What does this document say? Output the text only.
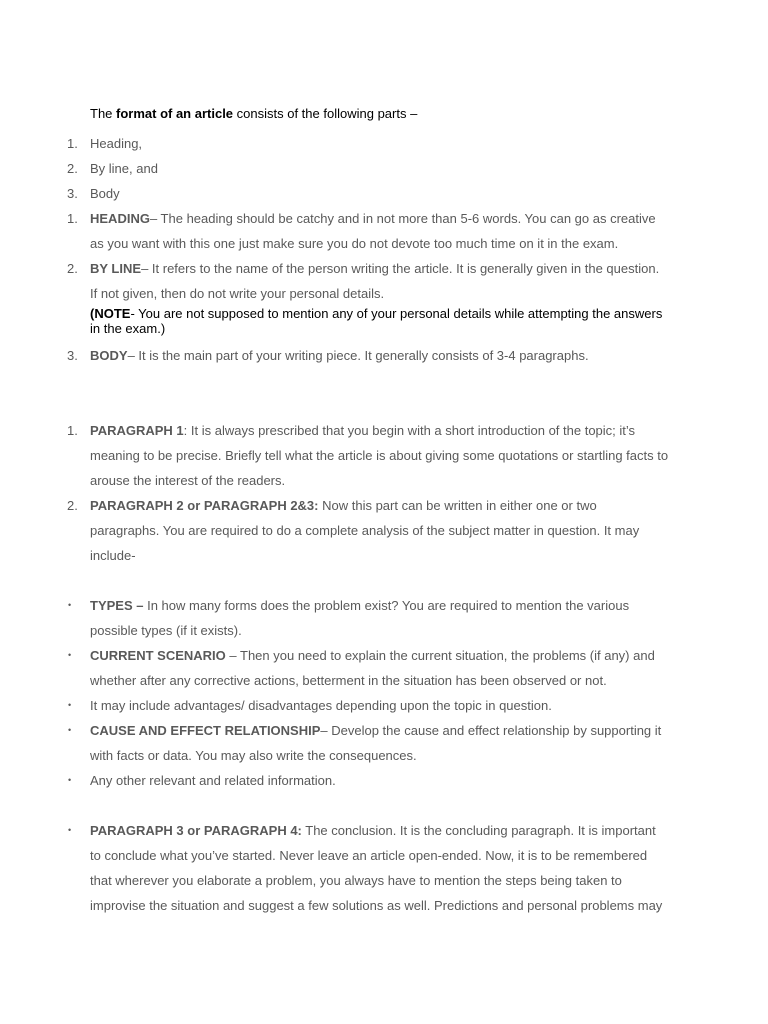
The format of an article consists of the following parts –

1. Heading,

2. By line, and

3. Body

1. HEADING– The heading should be catchy and in not more than 5-6 words. You can go as creative
as you want with this one just make sure you do not devote too much time on it in the exam.

2. BY LINE– It refers to the name of the person writing the article. It is generally given in the question.
If not given, then do not write your personal details.

(NOTE- You are not supposed to mention any of your personal details while attempting the answers
in the exam.)

3. BODY– It is the main part of your writing piece. It generally consists of 3-4 paragraphs.

1. PARAGRAPH 1: It is always prescribed that you begin with a short introduction of the topic; it’s
meaning to be precise. Briefly tell what the article is about giving some quotations or startling facts to
arouse the interest of the readers.

2. PARAGRAPH 2 or PARAGRAPH 2&3: Now this part can be written in either one or two
paragraphs. You are required to do a complete analysis of the subject matter in question. It may
include-

• TYPES – In how many forms does the problem exist? You are required to mention the various
possible types (if it exists).

• CURRENT SCENARIO – Then you need to explain the current situation, the problems (if any) and
whether after any corrective actions, betterment in the situation has been observed or not.

• It may include advantages/ disadvantages depending upon the topic in question.

• CAUSE AND EFFECT RELATIONSHIP– Develop the cause and effect relationship by supporting it
with facts or data. You may also write the consequences.

• Any other relevant and related information.

• PARAGRAPH 3 or PARAGRAPH 4: The conclusion. It is the concluding paragraph. It is important
to conclude what you’ve started. Never leave an article open-ended. Now, it is to be remembered
that wherever you elaborate a problem, you always have to mention the steps being taken to
improvise the situation and suggest a few solutions as well. Predictions and personal problems may
